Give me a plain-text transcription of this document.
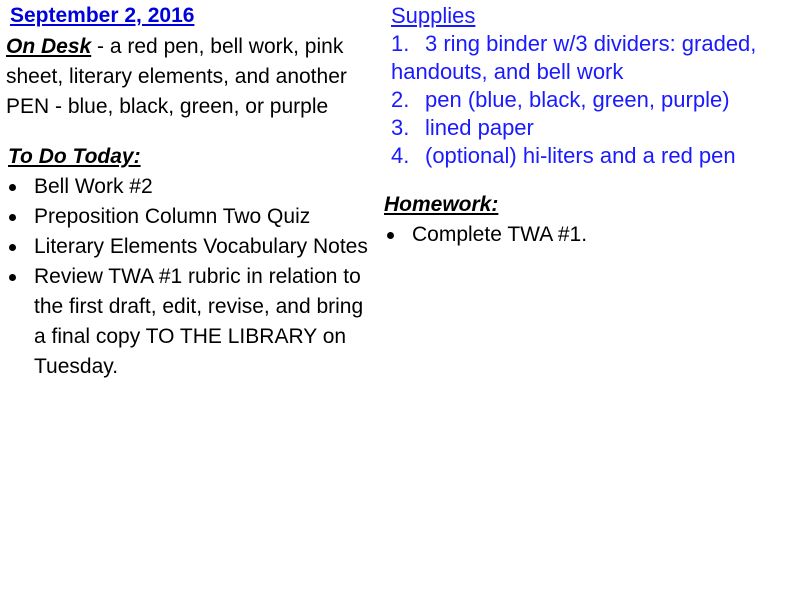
September 2, 2016

On Desk - a red pen, bell work, pink sheet, literary elements, and another PEN - blue, black, green, or purple

To Do Today:
Bell Work #2
Preposition Column Two Quiz
Literary Elements Vocabulary Notes
Review TWA #1 rubric in relation to the first draft, edit, revise, and bring a final copy TO THE LIBRARY on Tuesday.
Supplies
1. 3 ring binder w/3 dividers: graded, handouts, and bell work
2. pen (blue, black, green, purple)
3. lined paper
4. (optional) hi-liters and a red pen
Homework:
Complete TWA #1.
